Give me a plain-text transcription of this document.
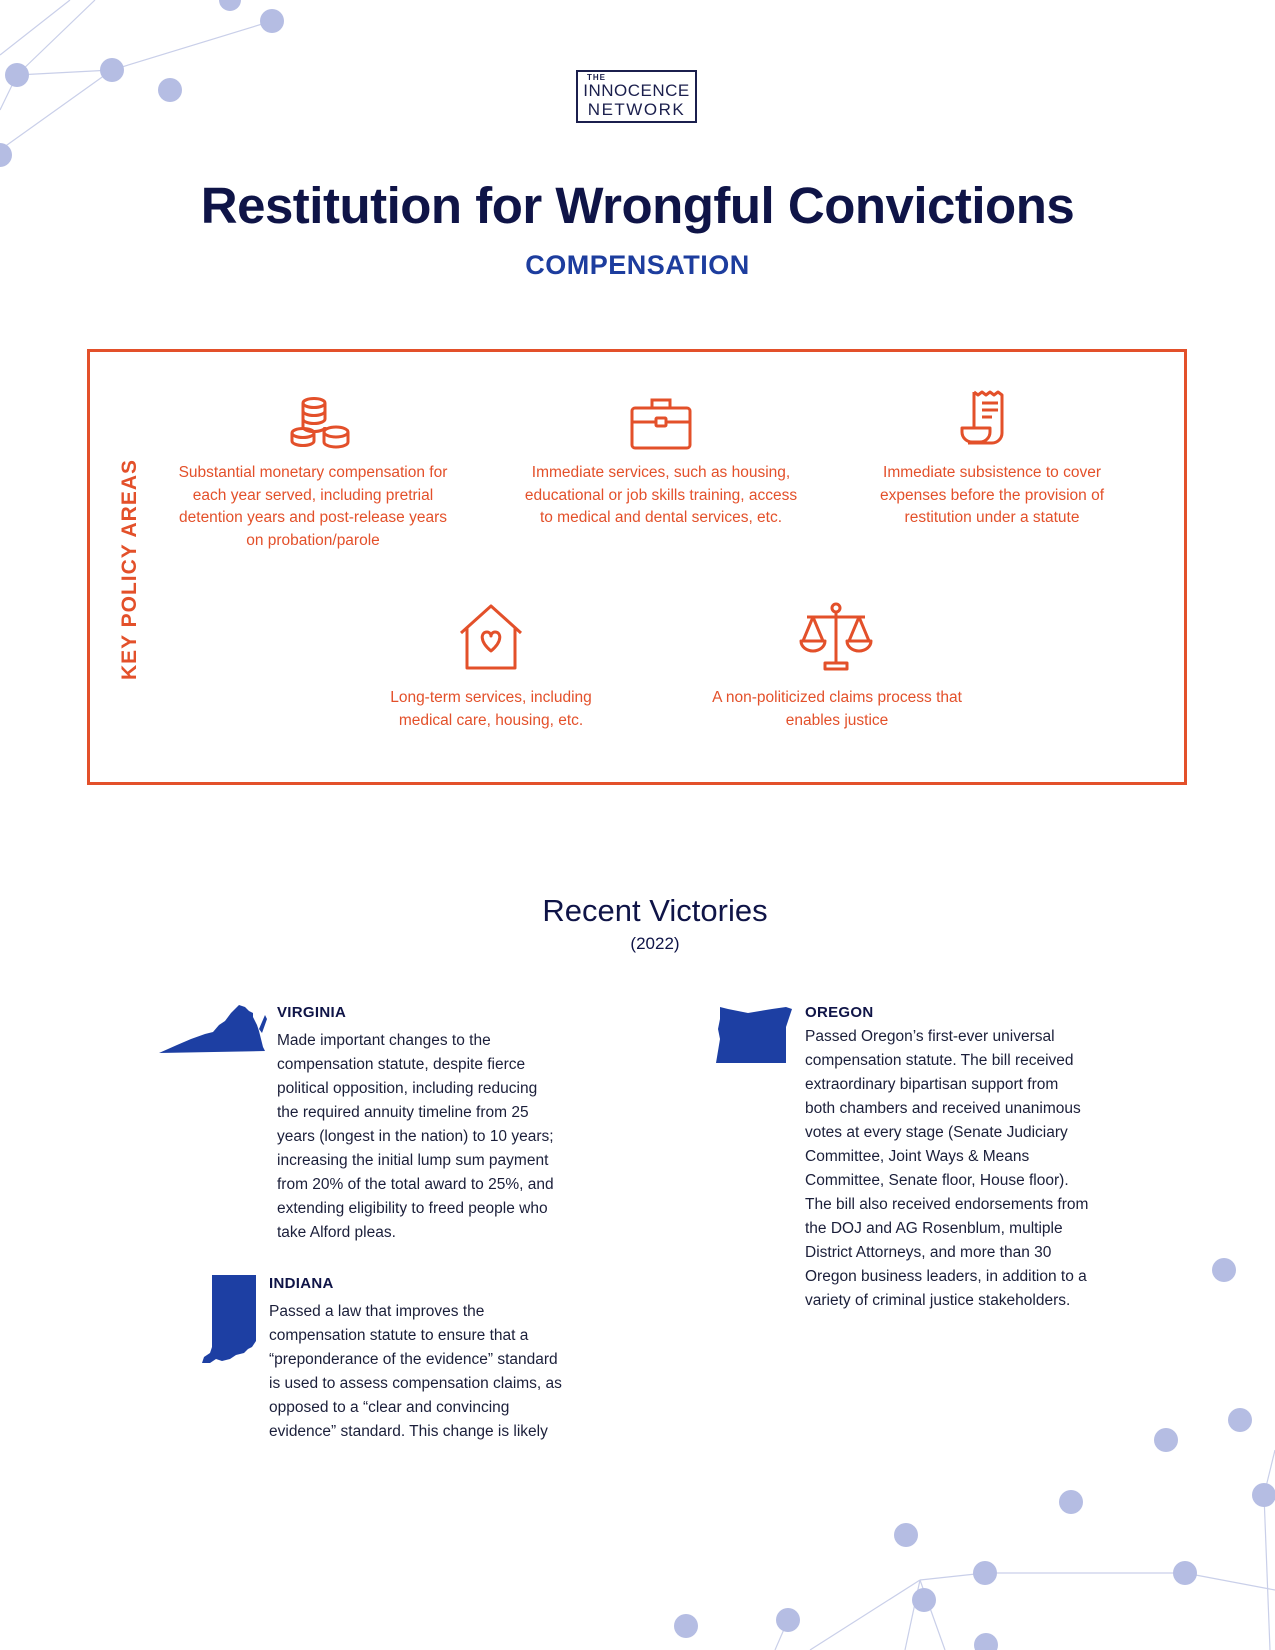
THE
INNOCENCE
NETWORK
Restitution for Wrongful Convictions
COMPENSATION
KEY POLICY AREAS Substantial monetary compensation for each year served, including pretrial detention years and post-release years on probation/parole
Immediate services, such as housing, educational or job skills training, access to medical and dental services, etc.
Immediate subsistence to cover expenses before the provision of restitution under a statute
Long-term services, including medical care, housing, etc.
A non-politicized claims process that enables justice
Recent Victories
(2022)
VIRGINIA
Made important changes to the
compensation statute, despite fierce
political opposition, including reducing
the required annuity timeline from 25
years (longest in the nation) to 10 years;
increasing the initial lump sum payment
from 20% of the total award to 25%, and
extending eligibility to freed people who
take Alford pleas.
INDIANA
Passed a law that improves the
compensation statute to ensure that a
“preponderance of the evidence” standard
is used to assess compensation claims, as
opposed to a “clear and convincing
evidence” standard. This change is likely
OREGON
Passed Oregon’s first-ever universal
compensation statute. The bill received
extraordinary bipartisan support from
both chambers and received unanimous
votes at every stage (Senate Judiciary
Committee, Joint Ways & Means
Committee, Senate floor, House floor).
The bill also received endorsements from
the DOJ and AG Rosenblum, multiple
District Attorneys, and more than 30
Oregon business leaders, in addition to a
variety of criminal justice stakeholders.
